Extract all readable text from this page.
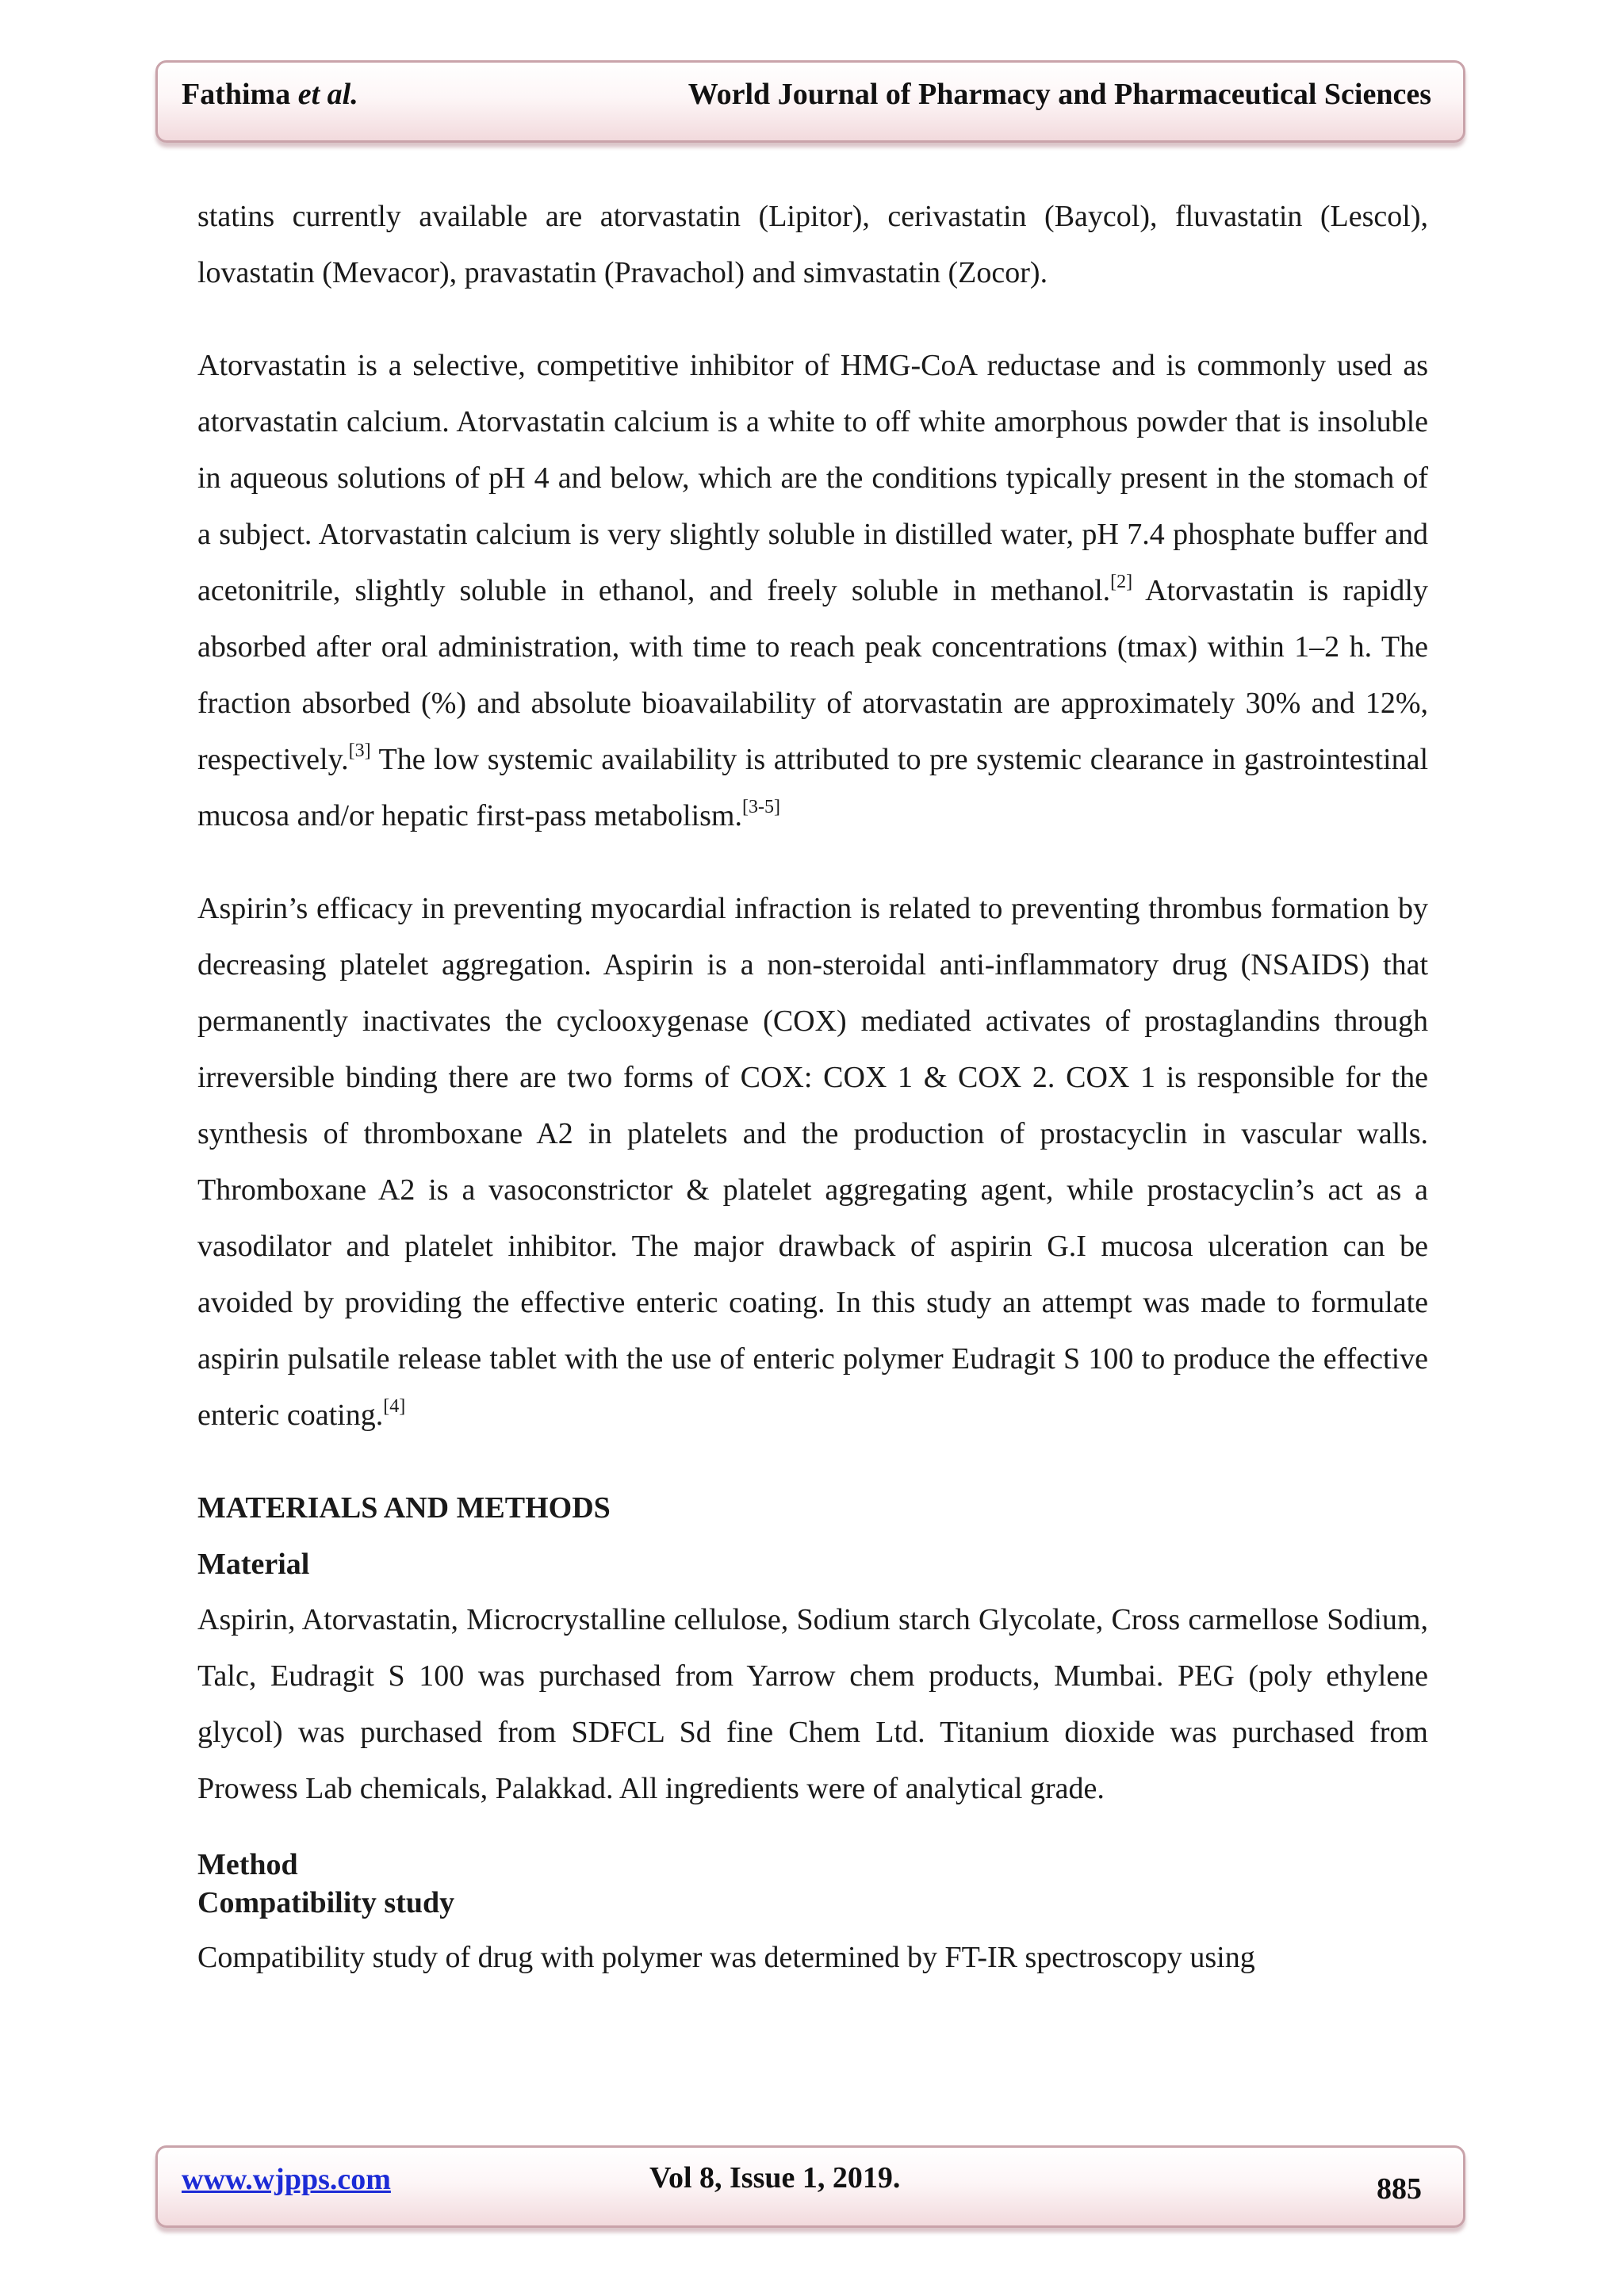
Fathima et al.	World Journal of Pharmacy and Pharmaceutical Sciences

statins currently available are atorvastatin (Lipitor), cerivastatin (Baycol), fluvastatin (Lescol), lovastatin (Mevacor), pravastatin (Pravachol) and simvastatin (Zocor).

Atorvastatin is a selective, competitive inhibitor of HMG-CoA reductase and is commonly used as atorvastatin calcium. Atorvastatin calcium is a white to off white amorphous powder that is insoluble in aqueous solutions of pH 4 and below, which are the conditions typically present in the stomach of a subject. Atorvastatin calcium is very slightly soluble in distilled water, pH 7.4 phosphate buffer and acetonitrile, slightly soluble in ethanol, and freely soluble in methanol.[2] Atorvastatin is rapidly absorbed after oral administration, with time to reach peak concentrations (tmax) within 1–2 h. The fraction absorbed (%) and absolute bioavailability of atorvastatin are approximately 30% and 12%, respectively.[3] The low systemic availability is attributed to pre systemic clearance in gastrointestinal mucosa and/or hepatic first-pass metabolism.[3-5]

Aspirin’s efficacy in preventing myocardial infraction is related to preventing thrombus formation by decreasing platelet aggregation. Aspirin is a non-steroidal anti-inflammatory drug (NSAIDS) that permanently inactivates the cyclooxygenase (COX) mediated activates of prostaglandins through irreversible binding there are two forms of COX: COX 1 & COX 2. COX 1 is responsible for the synthesis of thromboxane A2 in platelets and the production of prostacyclin in vascular walls. Thromboxane A2 is a vasoconstrictor & platelet aggregating agent, while prostacyclin’s act as a vasodilator and platelet inhibitor. The major drawback of aspirin G.I mucosa ulceration can be avoided by providing the effective enteric coating. In this study an attempt was made to formulate aspirin pulsatile release tablet with the use of enteric polymer Eudragit S 100 to produce the effective enteric coating.[4]

MATERIALS AND METHODS

Material

Aspirin, Atorvastatin, Microcrystalline cellulose, Sodium starch Glycolate, Cross carmellose Sodium, Talc, Eudragit S 100 was purchased from Yarrow chem products, Mumbai. PEG (poly ethylene glycol) was purchased from SDFCL Sd fine Chem Ltd. Titanium dioxide was purchased from Prowess Lab chemicals, Palakkad. All ingredients were of analytical grade.

Method

Compatibility study

Compatibility study of drug with polymer was determined by FT-IR spectroscopy using

www.wjpps.com	Vol 8, Issue 1, 2019.	885
